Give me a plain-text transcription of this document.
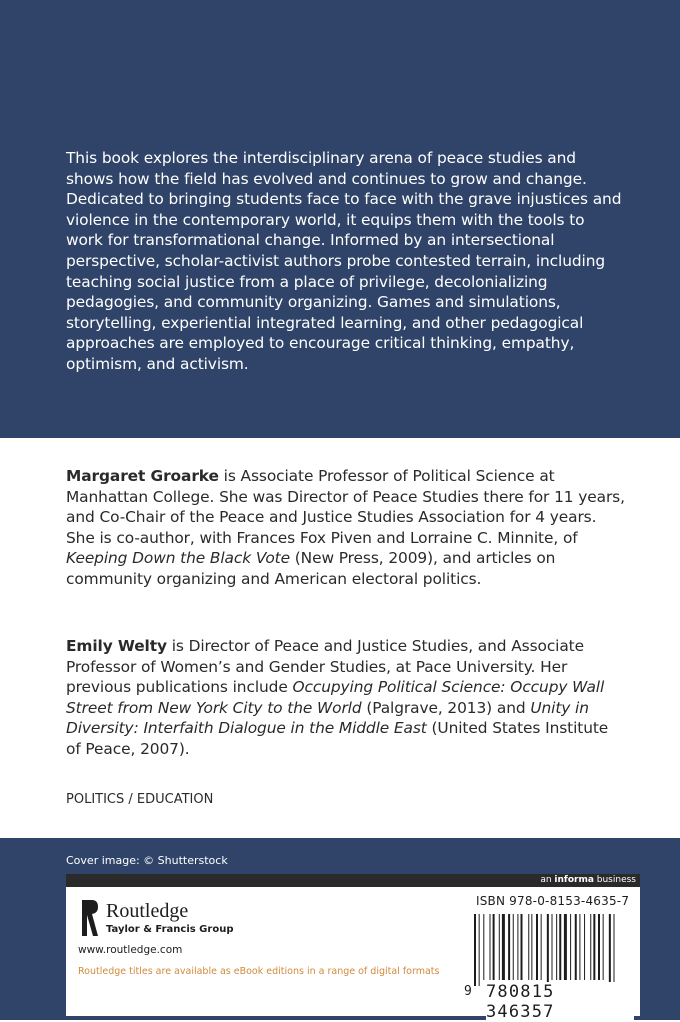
This book explores the interdisciplinary arena of peace studies and shows how the field has evolved and continues to grow and change. Dedicated to bringing students face to face with the grave injustices and violence in the contemporary world, it equips them with the tools to work for transformational change. Informed by an intersectional perspective, scholar-activist authors probe contested terrain, including teaching social justice from a place of privilege, decolonializing pedagogies, and community organizing. Games and simulations, storytelling, experiential integrated learning, and other pedagogical approaches are employed to encourage critical thinking, empathy, optimism, and activism.

Margaret Groarke is Associate Professor of Political Science at Manhattan College. She was Director of Peace Studies there for 11 years, and Co-Chair of the Peace and Justice Studies Association for 4 years. She is co-author, with Frances Fox Piven and Lorraine C. Minnite, of Keeping Down the Black Vote (New Press, 2009), and articles on community organizing and American electoral politics.

Emily Welty is Director of Peace and Justice Studies, and Associate Professor of Women’s and Gender Studies, at Pace University. Her previous publications include Occupying Political Science: Occupy Wall Street from New York City to the World (Palgrave, 2013) and Unity in Diversity: Interfaith Dialogue in the Middle East (United States Institute of Peace, 2007).

POLITICS / EDUCATION

Cover image: © Shutterstock

an informa business
ROUTLEDGE

Routledge

Taylor & Francis Group

www.routledge.com

Routledge titles are available as eBook editions in a range of digital formats

ISBN 978-0-8153-4635-7

9 780815 346357
